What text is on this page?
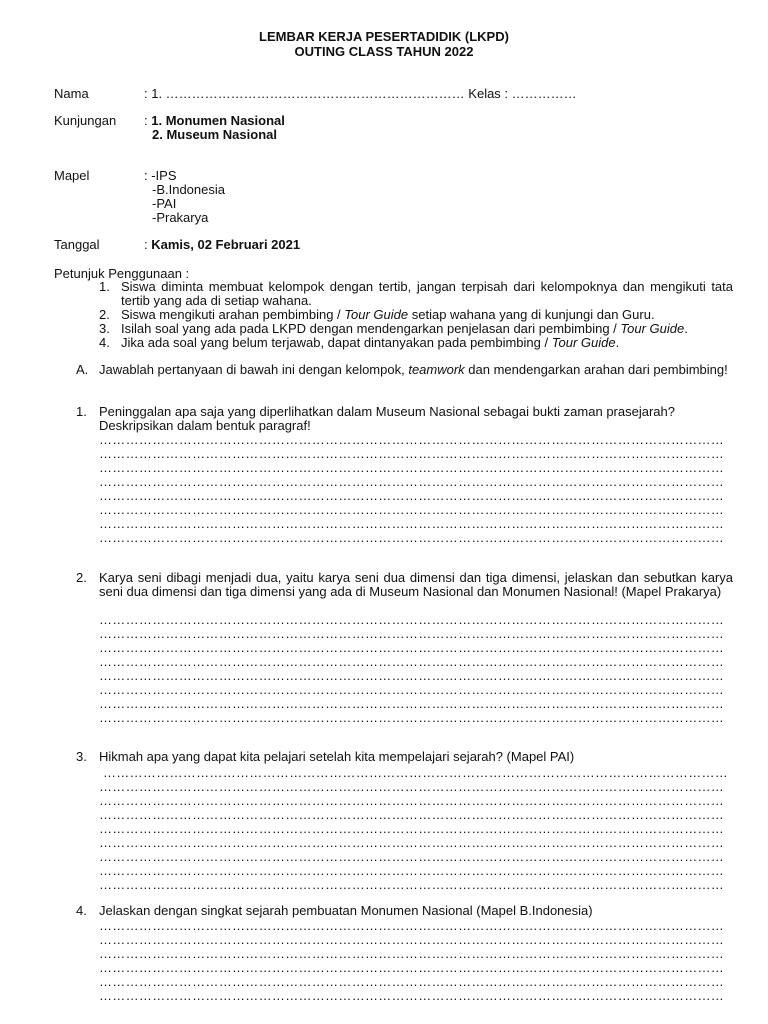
LEMBAR KERJA PESERTADIDIK (LKPD)
OUTING CLASS TAHUN 2022
Nama	: 1. …………………………………………………………… Kelas : ……………
Kunjungan : 1. Monumen Nasional
2. Museum Nasional
Mapel	: -IPS
-B.Indonesia
-PAI
-Prakarya
Tanggal	: Kamis, 02 Februari 2021
Petunjuk Penggunaan :
1. Siswa diminta membuat kelompok dengan tertib, jangan terpisah dari kelompoknya dan mengikuti tata tertib yang ada di setiap wahana.
2. Siswa mengikuti arahan pembimbing / Tour Guide setiap wahana yang di kunjungi dan Guru.
3. Isilah soal yang ada pada LKPD dengan mendengarkan penjelasan dari pembimbing / Tour Guide.
4. Jika ada soal yang belum terjawab, dapat dintanyakan pada pembimbing / Tour Guide.
A. Jawablah pertanyaan di bawah ini dengan kelompok, teamwork dan mendengarkan arahan dari pembimbing!
1. Peninggalan apa saja yang diperlihatkan dalam Museum Nasional sebagai bukti zaman prasejarah? Deskripsikan dalam bentuk paragraf!
……………………………………………………………………………………………………………………………
……………………………………………………………………………………………………………………………
……………………………………………………………………………………………………………………………
……………………………………………………………………………………………………………………………
……………………………………………………………………………………………………………………………
……………………………………………………………………………………………………………………………
……………………………………………………………………………………………………………………………
……………………………………………………………………………………………………………………………
2. Karya seni dibagi menjadi dua, yaitu karya seni dua dimensi dan tiga dimensi, jelaskan dan sebutkan karya seni dua dimensi dan tiga dimensi yang ada di Museum Nasional dan Monumen Nasional! (Mapel Prakarya)
……………………………………………………………………………………………………………………………
……………………………………………………………………………………………………………………………
……………………………………………………………………………………………………………………………
……………………………………………………………………………………………………………………………
……………………………………………………………………………………………………………………………
……………………………………………………………………………………………………………………………
……………………………………………………………………………………………………………………………
……………………………………………………………………………………………………………………………
3. Hikmah apa yang dapat kita pelajari setelah kita mempelajari sejarah? (Mapel PAI)
……………………………………………………………………………………………………………………………
……………………………………………………………………………………………………………………………
……………………………………………………………………………………………………………………………
……………………………………………………………………………………………………………………………
……………………………………………………………………………………………………………………………
……………………………………………………………………………………………………………………………
……………………………………………………………………………………………………………………………
……………………………………………………………………………………………………………………………
……………………………………………………………………………………………………………………………
4. Jelaskan dengan singkat sejarah pembuatan Monumen Nasional (Mapel B.Indonesia)
……………………………………………………………………………………………………………………………
……………………………………………………………………………………………………………………………
……………………………………………………………………………………………………………………………
……………………………………………………………………………………………………………………………
……………………………………………………………………………………………………………………………
……………………………………………………………………………………………………………………………
